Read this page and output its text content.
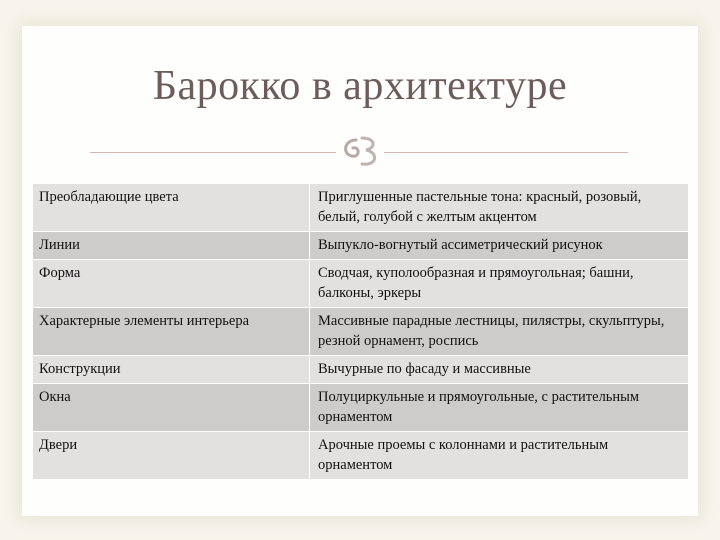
Барокко в архитектуре
Преобладающие цвета	Приглушенные пастельные тона: красный, розовый, белый, голубой с желтым акцентом
Линии	Выпукло-вогнутый ассиметрический рисунок
Форма	Сводчая, куполообразная и прямоугольная; башни, балконы, эркеры
Характерные элементы интерьера	Массивные парадные лестницы, пилястры, скульптуры, резной орнамент, роспись
Конструкции	Вычурные по фасаду и массивные
Окна	Полуциркульные и прямоугольные, с растительным орнаментом
Двери	Арочные проемы с колоннами и растительным орнаментом
